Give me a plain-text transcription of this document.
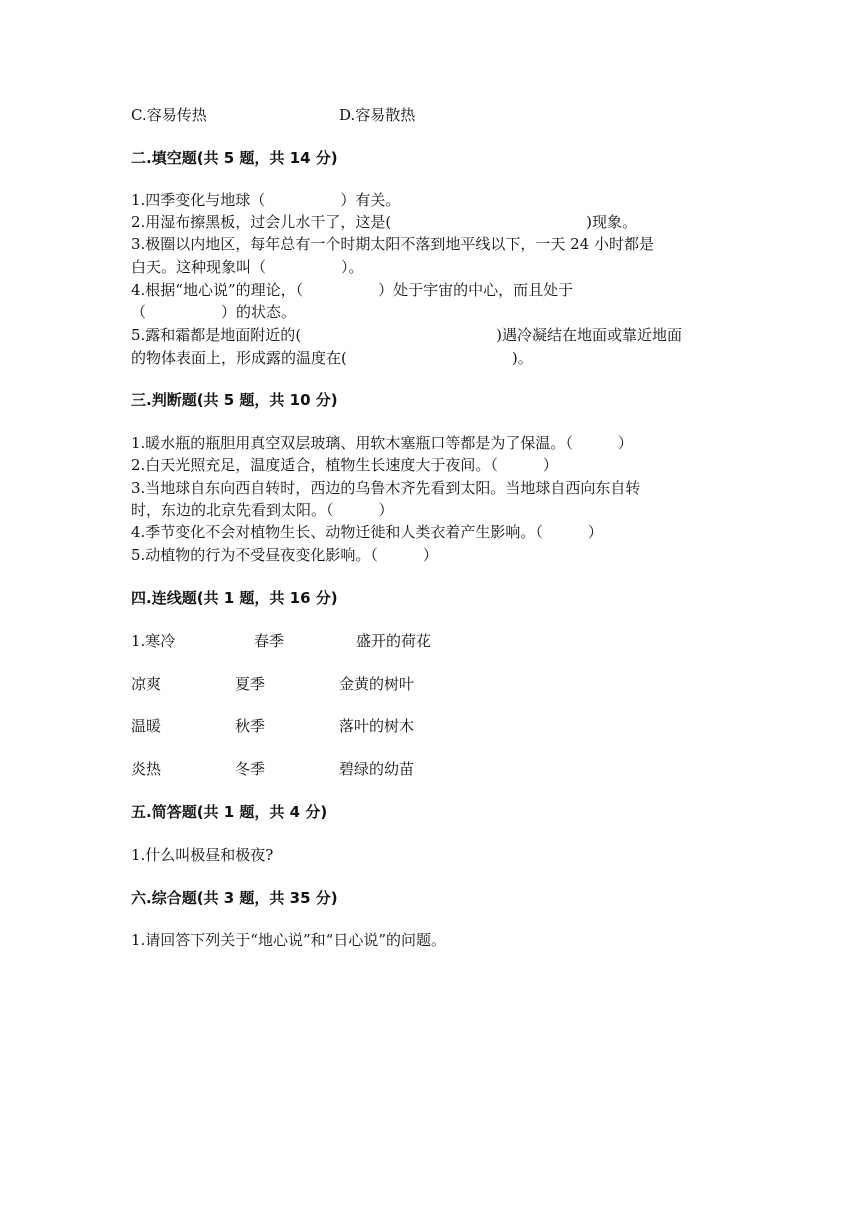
C.容易传热	D.容易散热
二.填空题(共 5 题，共 14 分)
1.四季变化与地球（　　　　　）有关。
2.用湿布擦黑板，过会儿水干了，这是(　　　　　　　　　　　　　)现象。
3.极圈以内地区，每年总有一个时期太阳不落到地平线以下，一天 24 小时都是
白天。这种现象叫（　　　　　）。
4.根据“地心说”的理论，（　　　　　）处于宇宙的中心，而且处于
（　　　　　）的状态。
5.露和霜都是地面附近的(　　　　　　　　　　　　　)遇冷凝结在地面或靠近地面
的物体表面上，形成露的温度在(　　　　　　　　　　　)。
三.判断题(共 5 题，共 10 分)
1.暖水瓶的瓶胆用真空双层玻璃、用软木塞瓶口等都是为了保温。（　　　）
2.白天光照充足，温度适合，植物生长速度大于夜间。（　　　）
3.当地球自东向西自转时，西边的乌鲁木齐先看到太阳。当地球自西向东自转
时，东边的北京先看到太阳。（　　　）
4.季节变化不会对植物生长、动物迁徙和人类衣着产生影响。（　　　）
5.动植物的行为不受昼夜变化影响。（　　　）
四.连线题(共 1 题，共 16 分)
1.寒冷	春季	盛开的荷花
凉爽	夏季	金黄的树叶
温暖	秋季	落叶的树木
炎热	冬季	碧绿的幼苗
五.简答题(共 1 题，共 4 分)
1.什么叫极昼和极夜?
六.综合题(共 3 题，共 35 分)
1.请回答下列关于“地心说”和“日心说”的问题。
